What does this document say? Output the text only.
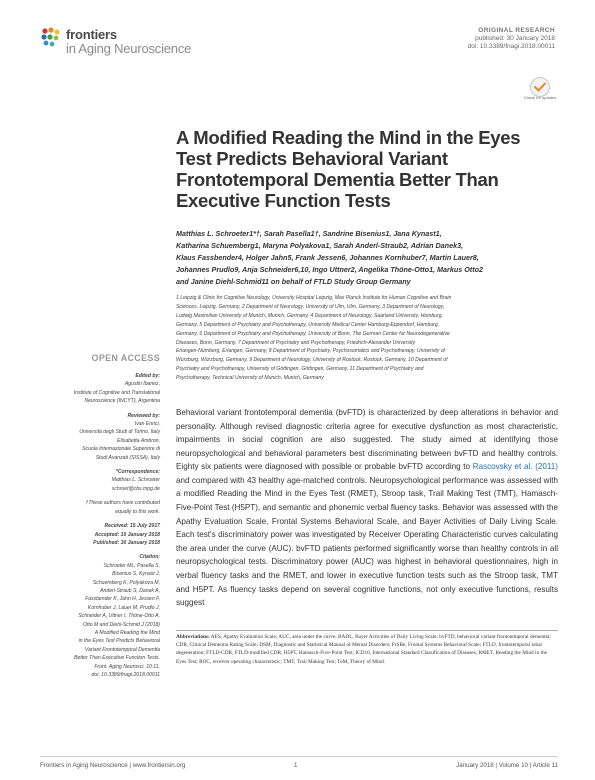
frontiers
in Aging Neuroscience
ORIGINAL RESEARCH
published: 30 January 2018
doi: 10.3389/fnagi.2018.00011
Check for updates
A Modified Reading the Mind in the Eyes Test Predicts Behavioral Variant Frontotemporal Dementia Better Than Executive Function Tests
Matthias L. Schroeter1*†, Sarah Pasella1†, Sandrine Bisenius1, Jana Kynast1,
Katharina Schuemberg1, Maryna Polyakova1, Sarah Anderl-Straub2, Adrian Danek3,
Klaus Fassbender4, Holger Jahn5, Frank Jessen6, Johannes Kornhuber7, Martin Lauer8,
Johannes Prudlo9, Anja Schneider6,10, Ingo Uttner2, Angelika Thöne-Otto1, Markus Otto2
and Janine Diehl-Schmid11 on behalf of FTLD Study Group Germany
1 Leipzig & Clinic for Cognitive Neurology, University Hospital Leipzig, Max Planck Institute for Human Cognitive and Brain
Sciences, Leipzig, Germany, 2 Department of Neurology, University of Ulm, Ulm, Germany, 3 Department of Neurology,
Ludwig Maximilian University of Munich, Munich, Germany, 4 Department of Neurology, Saarland University, Homburg,
Germany, 5 Department of Psychiatry and Psychotherapy, University Medical Center Hamburg-Eppendorf, Hamburg,
Germany, 6 Department of Psychiatry and Psychotherapy, University of Bonn, The German Center for Neurodegenerative
Diseases, Bonn, Germany, 7 Department of Psychiatry and Psychotherapy, Friedrich-Alexander University
Erlangen-Nürnberg, Erlangen, Germany, 8 Department of Psychiatry, Psychosomatics and Psychotherapy, University of
Würzburg, Würzburg, Germany, 9 Department of Neurology, University of Rostock, Rostock, Germany, 10 Department of
Psychiatry and Psychotherapy, University of Göttingen, Göttingen, Germany, 11 Department of Psychiatry and
Psychotherapy, Technical University of Munich, Munich, Germany
Behavioral variant frontotemporal dementia (bvFTD) is characterized by deep alterations in behavior and personality. Although revised diagnostic criteria agree for executive dysfunction as most characteristic, impairments in social cognition are also suggested. The study aimed at identifying those neuropsychological and behavioral parameters best discriminating between bvFTD and healthy controls. Eighty six patients were diagnosed with possible or probable bvFTD according to Rascovsky et al. (2011) and compared with 43 healthy age-matched controls. Neuropsychological performance was assessed with a modified Reading the Mind in the Eyes Test (RMET), Stroop task, Trail Making Test (TMT), Hamasch-Five-Point Test (H5PT), and semantic and phonemic verbal fluency tasks. Behavior was assessed with the Apathy Evaluation Scale, Frontal Systems Behavioral Scale, and Bayer Activities of Daily Living Scale. Each test's discriminatory power was investigated by Receiver Operating Characteristic curves calculating the area under the curve (AUC). bvFTD patients performed significantly worse than healthy controls in all neuropsychological tests. Discriminatory power (AUC) was highest in behavioral questionnaires, high in verbal fluency tasks and the RMET, and lower in executive function tests such as the Stroop task, TMT and H5PT. As fluency tasks depend on several cognitive functions, not only executive functions, results suggest
Abbreviations: AES, Apathy Evaluation Scale; AUC, area under the curve; BADL, Bayer Activities of Daily Living Scale; bvFTD, behavioral variant frontotemporal dementia; CDR, Clinical Dementia Rating Scale; DSM, Diagnostic and Statistical Manual of Mental Disorders; FrSBe, Frontal Systems Behavioral Scale; FTLD, frontotemporal lobar degeneration; FTLD-CDR, FTLD-modified CDR; H5PT, Hamasch-Five-Point Test; ICD10, International Standard Classification of Diseases; RMET, Reading the Mind in the Eyes Test; ROC, receiver operating characteristic; TMT, Trail Making Test; ToM, Theory of Mind.
OPEN ACCESS
Edited by:
Agustin Ibanez,
Institute of Cognitive and Translational
Neuroscience (INCYT), Argentina
Reviewed by:
Ivan Enrici,
Università degli Studi di Torino, Italy
Elisabetta Ambron,
Scuola Internazionale Superiore di
Studi Avanzati (SISSA), Italy
*Correspondence:
Matthias L. Schroeter
schroet@cbs.mpg.de
†These authors have contributed
equally to this work.
Received: 15 July 2017
Accepted: 10 January 2018
Published: 30 January 2018
Citation:
Schroeter ML, Pasella S,
Bisenius S, Kynast J,
Schuemberg K, Polyakova M,
Anderl-Straub S, Danek A,
Fassbender K, Jahn H, Jessen F,
Kornhuber J, Lauer M, Prudlo J,
Schneider A, Uttner I, Thöne-Otto A,
Otto M and Diehl-Schmid J (2018)
A Modified Reading the Mind
in the Eyes Test Predicts Behavioral
Variant Frontotemporal Dementia
Better Than Executive Function Tests.
Front. Aging Neurosci. 10:11.
doi: 10.3389/fnagi.2018.00011
Frontiers in Aging Neuroscience | www.frontiersin.org	1	January 2018 | Volume 10 | Article 11
